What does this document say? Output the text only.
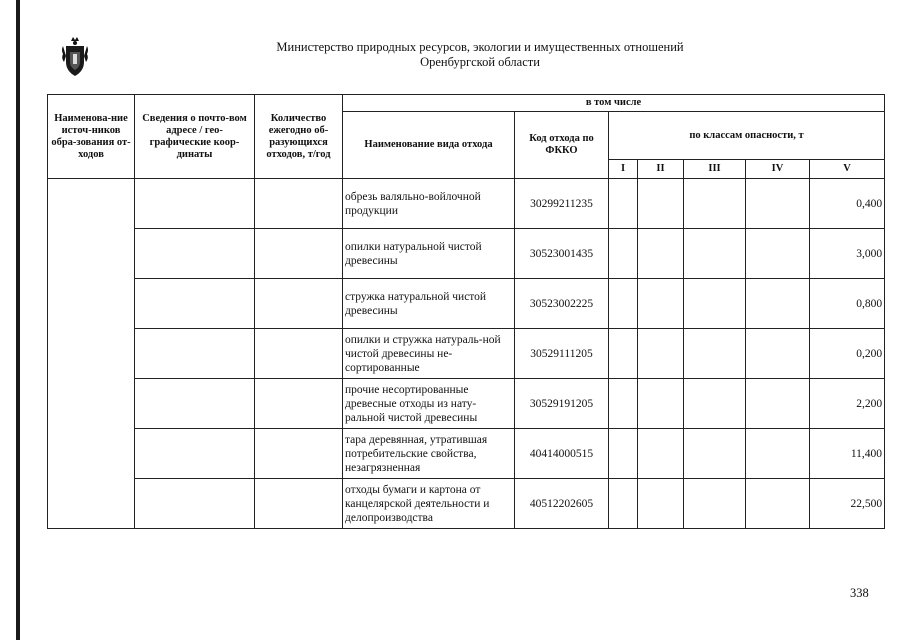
Министерство природных ресурсов, экологии и имущественных отношений
Оренбургской области
Наименова-ние источ-ников обра-зования от-ходов	Сведения о почто-вом адресе / гео-графические коор-динаты	Количество ежегодно об-разующихся отходов, т/год	в том числе						
			Наименование вида отхода	Код отхода по ФККО	по классам опасности, т				
					I	II	III	IV	V
			обрезь валяльно-войлочной продукции	30299211235					0,400
			опилки натуральной чистой древесины	30523001435					3,000
			стружка натуральной чистой древесины	30523002225					0,800
			опилки и стружка натураль-ной чистой древесины не-сортированные	30529111205					0,200
			прочие несортированные древесные отходы из нату-ральной чистой древесины	30529191205					2,200
			тара деревянная, утратившая потребительские свойства, незагрязненная	40414000515					11,400
			отходы бумаги и картона от канцелярской деятельности и делопроизводства	40512202605					22,500
338
